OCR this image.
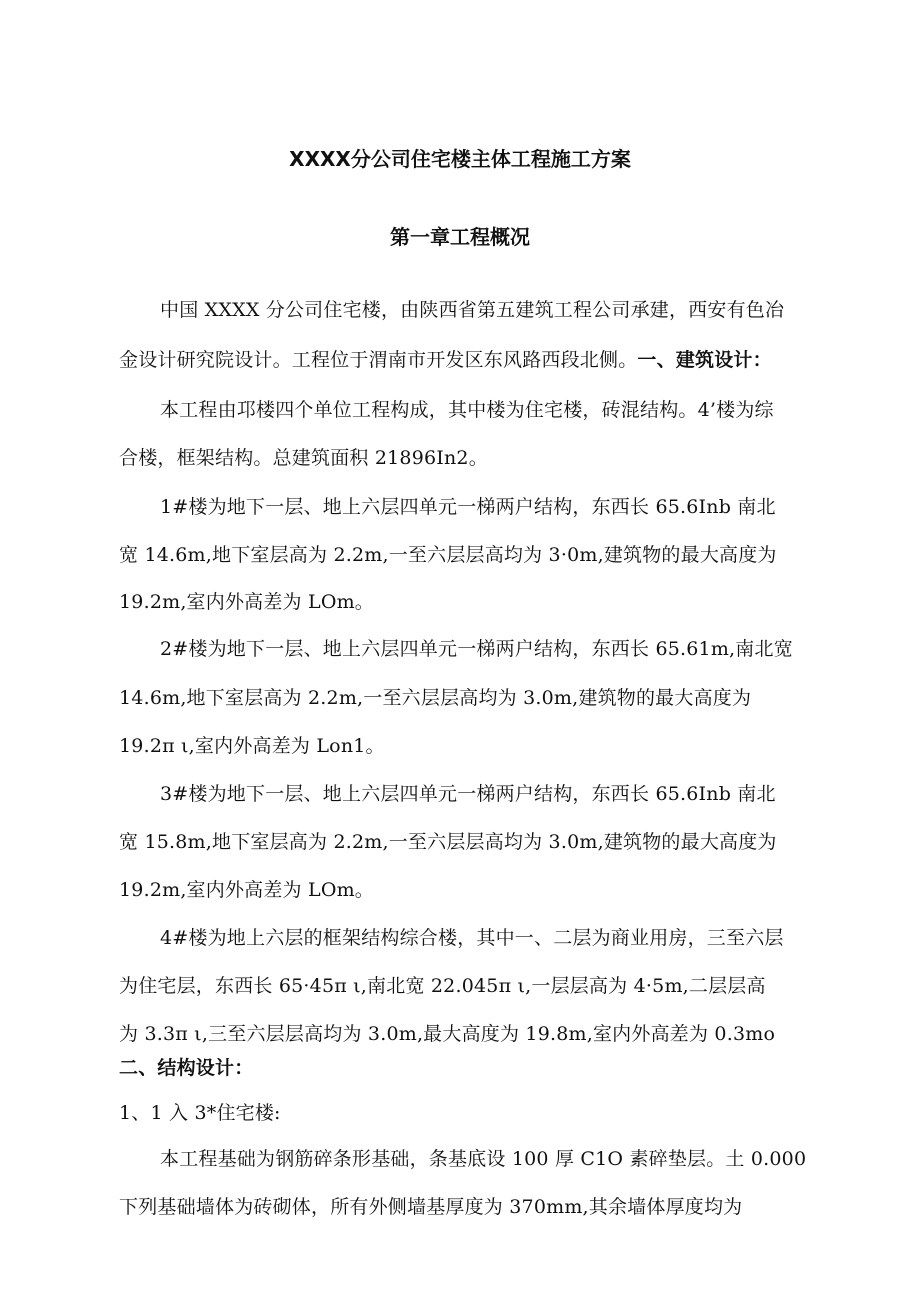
XXXX分公司住宅楼主体工程施工方案
第一章工程概况
中国 XXXX 分公司住宅楼，由陕西省第五建筑工程公司承建，西安有色冶
金设计研究院设计。工程位于渭南市开发区东风路西段北侧。一、建筑设计：
本工程由邛楼四个单位工程构成，其中楼为住宅楼，砖混结构。4’楼为综
合楼，框架结构。总建筑面积 21896In2。
1#楼为地下一层、地上六层四单元一梯两户结构，东西长 65.6Inb 南北
宽 14.6m,地下室层高为 2.2m,一至六层层高均为 3·0m,建筑物的最大高度为
19.2m,室内外高差为 LOm。
2#楼为地下一层、地上六层四单元一梯两户结构，东西长 65.61m,南北宽
14.6m,地下室层高为 2.2m,一至六层层高均为 3.0m,建筑物的最大高度为
19.2π ι,室内外高差为 Lon1。
3#楼为地下一层、地上六层四单元一梯两户结构，东西长 65.6Inb 南北
宽 15.8m,地下室层高为 2.2m,一至六层层高均为 3.0m,建筑物的最大高度为
19.2m,室内外高差为 LOm。
4#楼为地上六层的框架结构综合楼，其中一、二层为商业用房，三至六层
为住宅层，东西长 65·45π ι,南北宽 22.045π ι,一层层高为 4·5m,二层层高
为 3.3π ι,三至六层层高均为 3.0m,最大高度为 19.8m,室内外高差为 0.3mo
二、结构设计：
1、1 入 3*住宅楼:
本工程基础为钢筋碎条形基础，条基底设 100 厚 C1O 素碎垫层。土 0.000
下列基础墙体为砖砌体，所有外侧墙基厚度为 370mm,其余墙体厚度均为
